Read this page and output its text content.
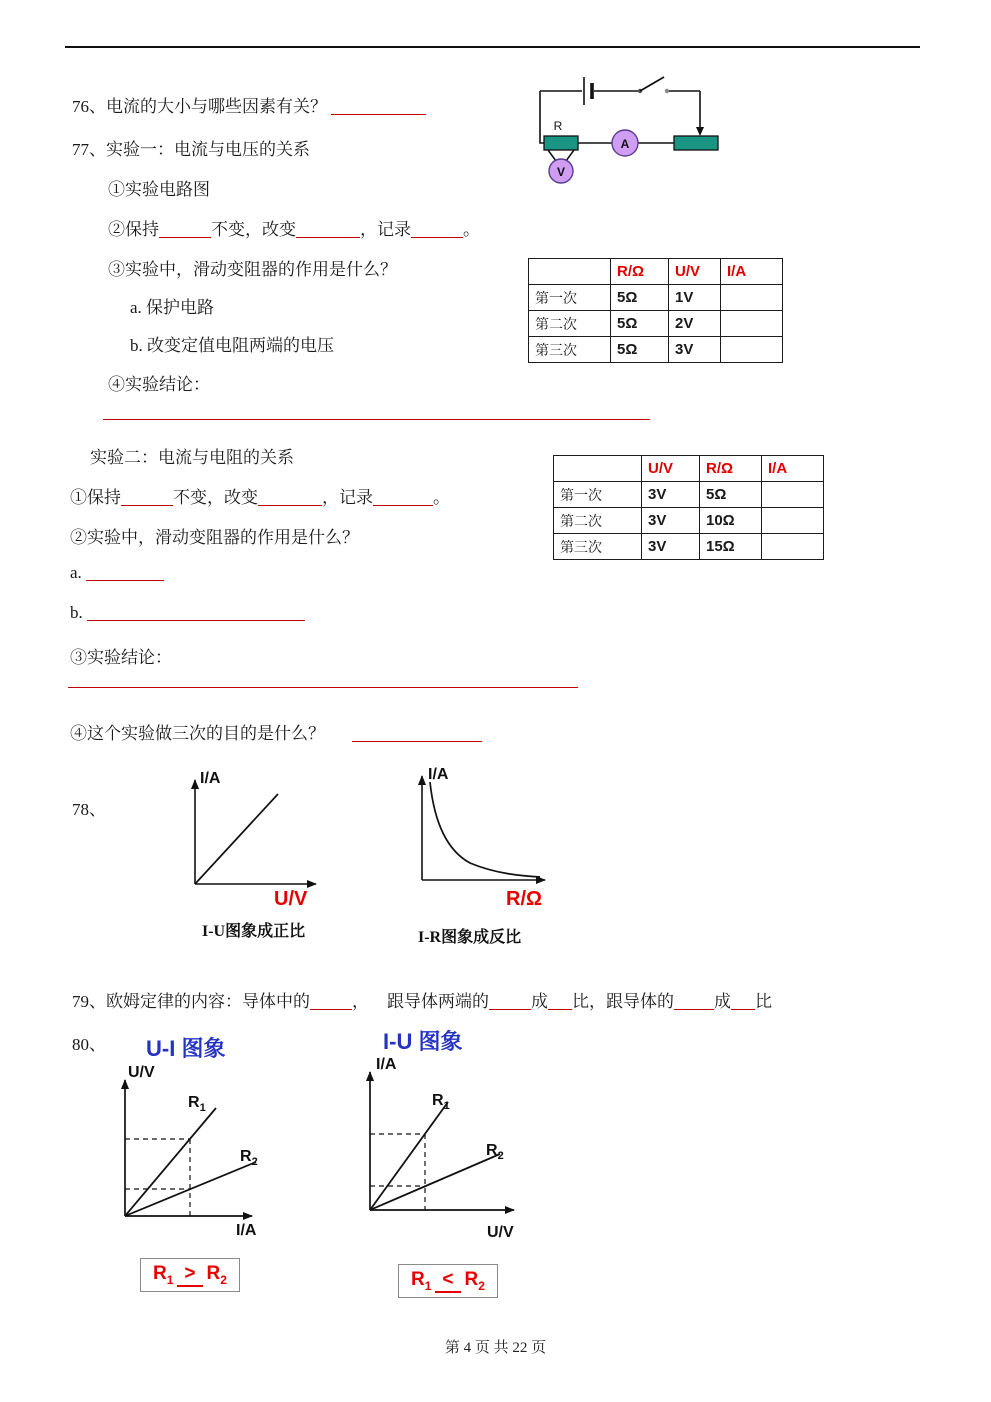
76、电流的大小与哪些因素有关？
R
A
V
77、实验一：电流与电压的关系
①实验电路图
②保持	不变，改变	，记录	。
③实验中，滑动变阻器的作用是什么？
a. 保护电路
b. 改变定值电阻两端的电压
④实验结论：
	R/Ω	U/V	I/A
第一次	5Ω	1V	
第二次	5Ω	2V	
第三次	5Ω	3V	
实验二：电流与电阻的关系
①保持	不变，改变	，记录	。
②实验中，滑动变阻器的作用是什么？
a.
b.
③实验结论：
④这个实验做三次的目的是什么？
	U/V	R/Ω	I/A
第一次	3V	5Ω	
第二次	3V	10Ω	
第三次	3V	15Ω	
78、
I/A
U/V
I-U图象成正比
I/A
R/Ω
I-R图象成反比
79、欧姆定律的内容：导体中的 ， 跟导体两端的 成 比，跟导体的 成 比
80、 U-I 图象	I-U 图象
U/V
I/A
$R_1$
$R_2$
I/A
U/V
$R_1$
$R_2$
$R_1 > R_2$	$R_1 < R_2$
第 4 页 共 22 页
